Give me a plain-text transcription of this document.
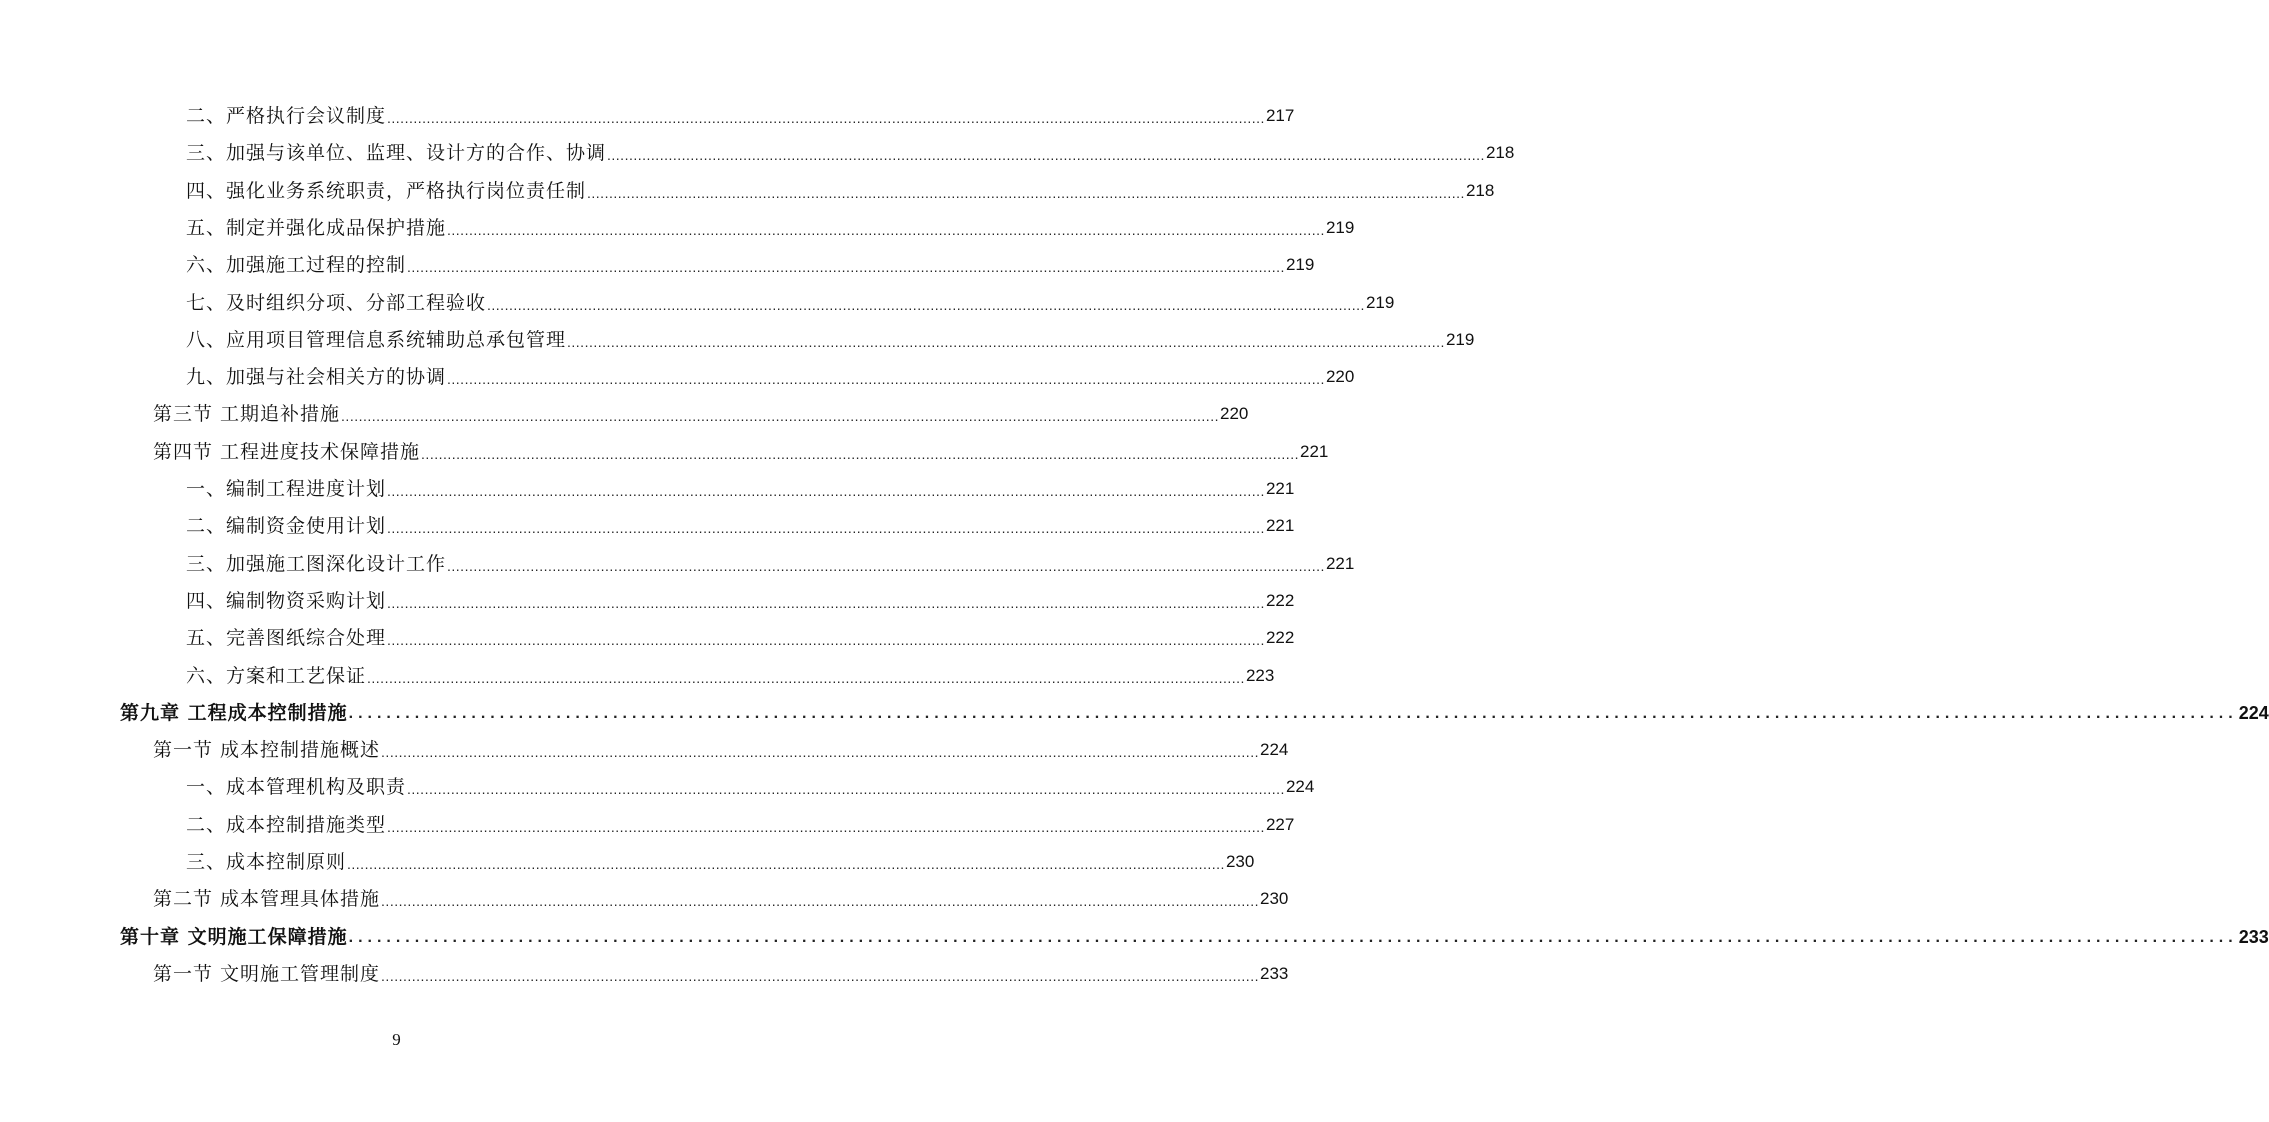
二、严格执行会议制度 ........................................................................................................................................................................................................ 217
三、加强与该单位、监理、设计方的合作、协调 ........................................................................................................................................................................................................ 218
四、强化业务系统职责，严格执行岗位责任制 ........................................................................................................................................................................................................ 218
五、制定并强化成品保护措施 ........................................................................................................................................................................................................ 219
六、加强施工过程的控制 ........................................................................................................................................................................................................ 219
七、及时组织分项、分部工程验收 ........................................................................................................................................................................................................ 219
八、应用项目管理信息系统辅助总承包管理 ........................................................................................................................................................................................................ 219
九、加强与社会相关方的协调 ........................................................................................................................................................................................................ 220
第三节 工期追补措施 ........................................................................................................................................................................................................ 220
第四节 工程进度技术保障措施 ........................................................................................................................................................................................................ 221
一、编制工程进度计划 ........................................................................................................................................................................................................ 221
二、编制资金使用计划 ........................................................................................................................................................................................................ 221
三、加强施工图深化设计工作 ........................................................................................................................................................................................................ 221
四、编制物资采购计划 ........................................................................................................................................................................................................ 222
五、完善图纸综合处理 ........................................................................................................................................................................................................ 222
六、方案和工艺保证 ........................................................................................................................................................................................................ 223
第九章 工程成本控制措施 ........................................................................................................................................................................................................ 224
第一节 成本控制措施概述 ........................................................................................................................................................................................................ 224
一、成本管理机构及职责 ........................................................................................................................................................................................................ 224
二、成本控制措施类型 ........................................................................................................................................................................................................ 227
三、成本控制原则 ........................................................................................................................................................................................................ 230
第二节 成本管理具体措施 ........................................................................................................................................................................................................ 230
第十章 文明施工保障措施 ........................................................................................................................................................................................................ 233
第一节 文明施工管理制度 ........................................................................................................................................................................................................ 233
9
